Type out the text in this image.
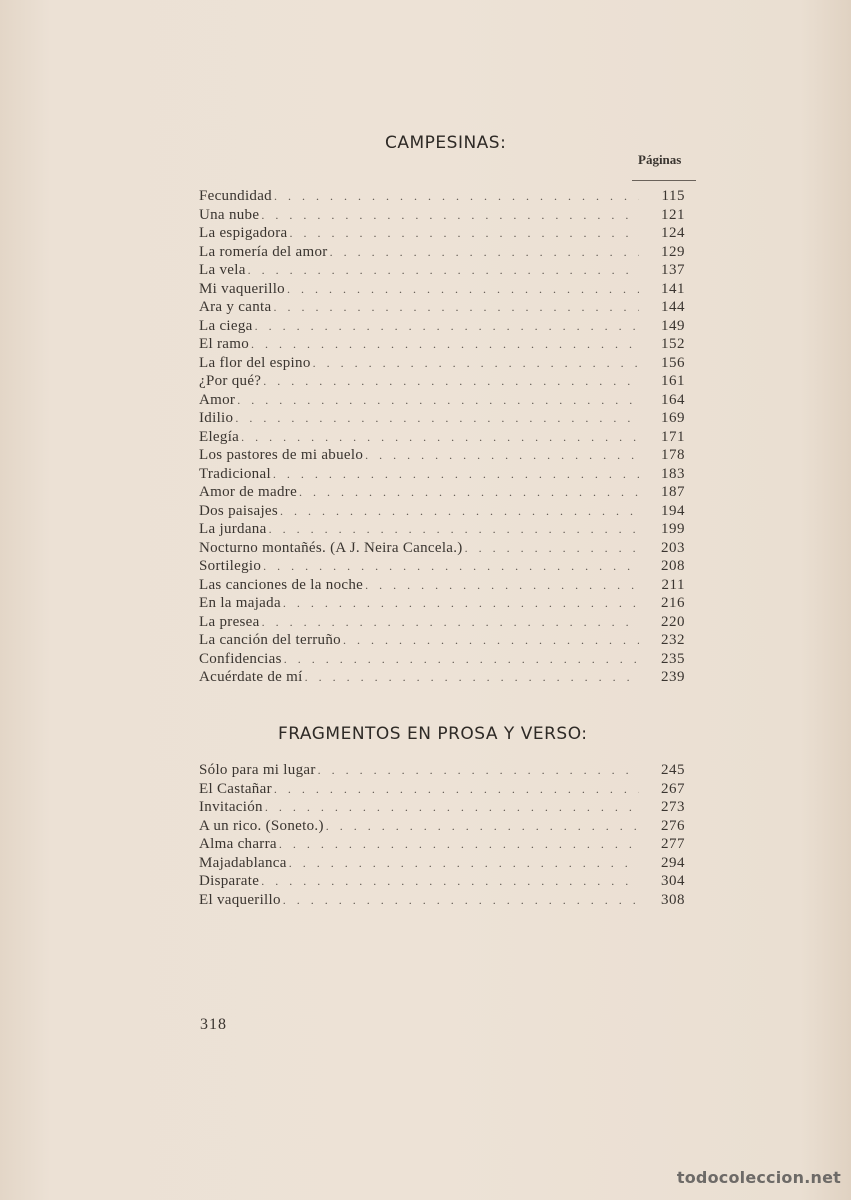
CAMPESINAS:
Páginas
Fecundidad . . .	115
Una nube . . .	121
La espigadora . . .	124
La romería del amor . . .	129
La vela . . .	137
Mi vaquerillo . . .	141
Ara y canta . . .	144
La ciega . . .	149
El ramo . . .	152
La flor del espino . . .	156
¿Por qué? . . .	161
Amor . . .	164
Idilio . . .	169
Elegía . . .	171
Los pastores de mi abuelo . . .	178
Tradicional . . .	183
Amor de madre . . .	187
Dos paisajes . . .	194
La jurdana . . .	199
Nocturno montañés. (A J. Neira Cancela.) . . .	203
Sortilegio . . .	208
Las canciones de la noche . . .	211
En la majada . . .	216
La presea . . .	220
La canción del terruño . . .	232
Confidencias . . .	235
Acuérdate de mí . . .	239
FRAGMENTOS EN PROSA Y VERSO:
Sólo para mi lugar . . .	245
El Castañar . . .	267
Invitación . . .	273
A un rico. (Soneto.) . . .	276
Alma charra . . .	277
Majadablanca . . .	294
Disparate . . .	304
El vaquerillo . . .	308
318
todocoleccion.net
